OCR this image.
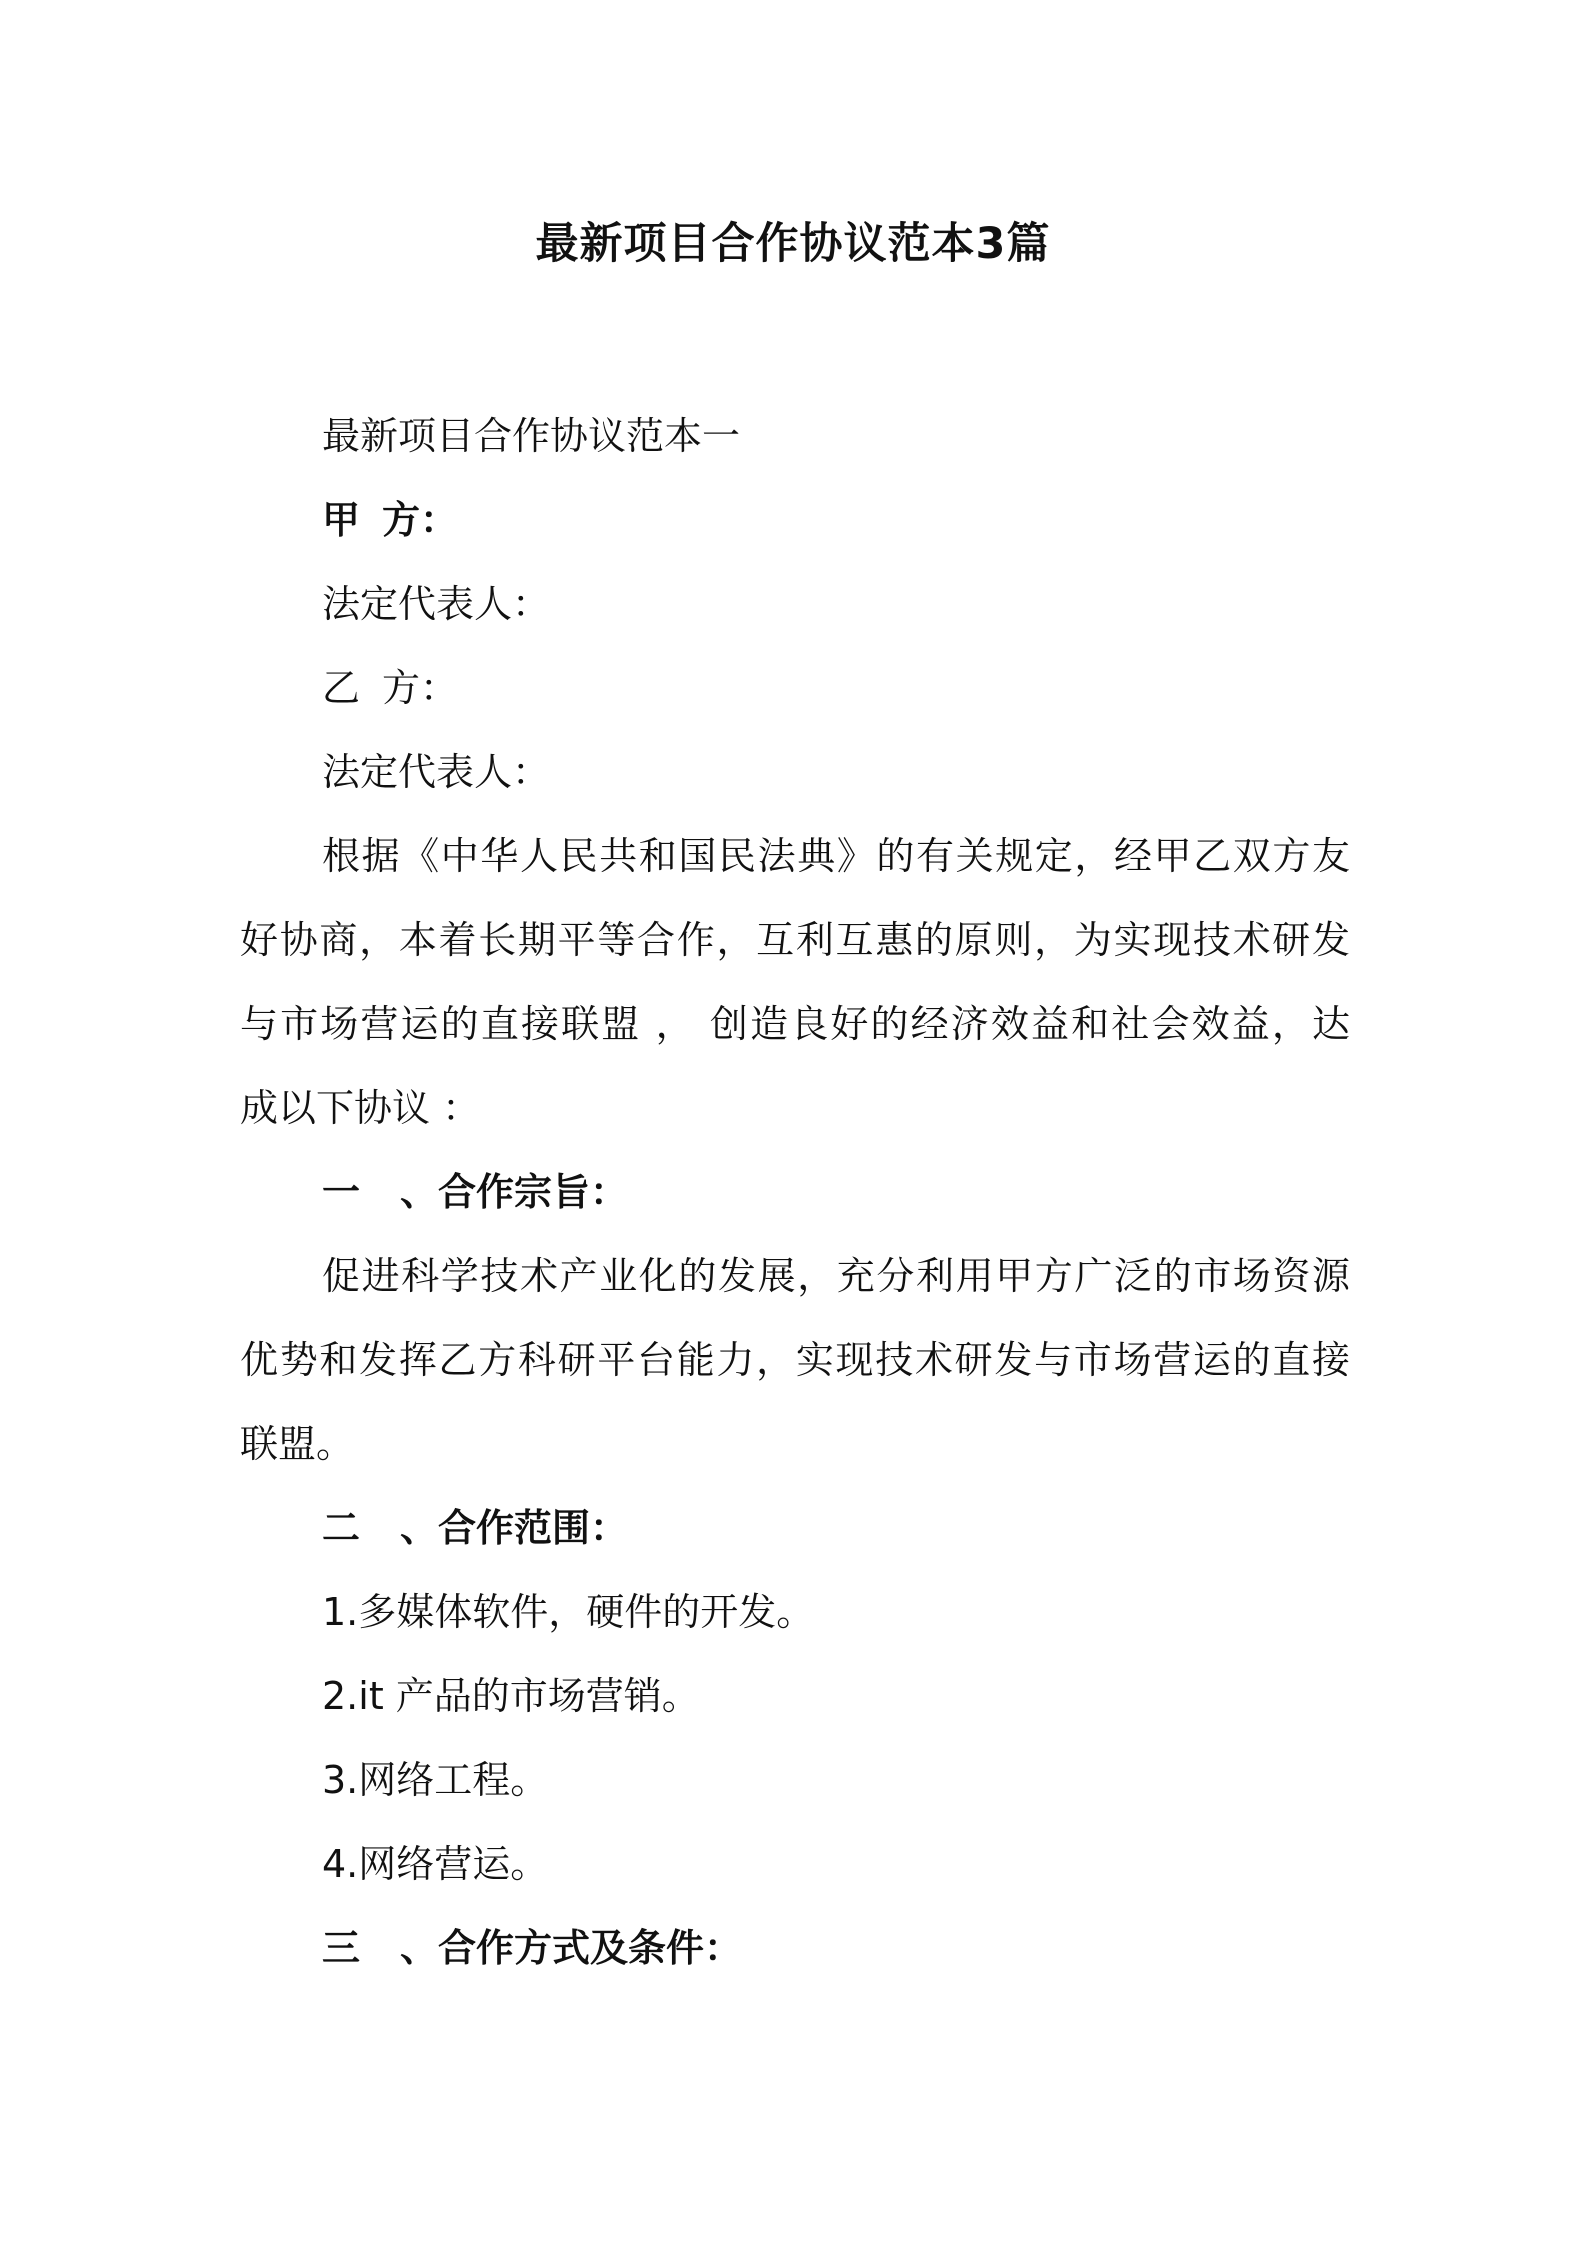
最新项目合作协议范本3篇
最新项目合作协议范本一
甲 方：
法定代表人：
乙 方：
法定代表人：
根据《中华人民共和国民法典》的有关规定，经甲乙双方友
好协商，本着长期平等合作，互利互惠的原则，为实现技术研发
与市场营运的直接联盟 ， 创造良好的经济效益和社会效益，达
成以下协议 ：
一 、合作宗旨：
促进科学技术产业化的发展，充分利用甲方广泛的市场资源
优势和发挥乙方科研平台能力，实现技术研发与市场营运的直接
联盟。
二 、合作范围：
1.多媒体软件，硬件的开发。
2.it 产品的市场营销。
3.网络工程。
4.网络营运。
三 、合作方式及条件：
